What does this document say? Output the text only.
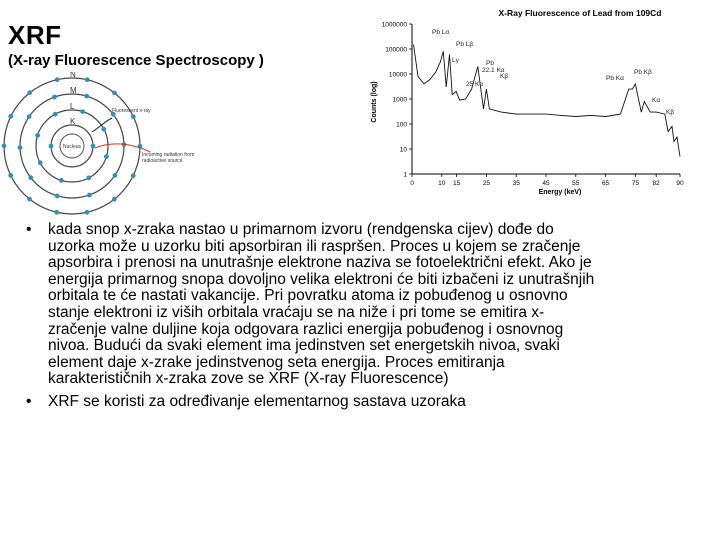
XRF
(X-ray Fluorescence Spectroscopy )
N
M
L
K
Nucleus
Fluorescent x-ray
Incoming radiation from radioactive source
X-Ray Fluorescence of Lead from 109Cd
Counts (log)
Energy (keV)
1000000
100000
10000
1000
100
10
1
0	10 15	25	35	45	55	65	75 82	90
Pb Lα
Pb Lβ
Lγ	Pb
22.1 Kα
Kβ
25 Kα
Pb Kα
Pb Kβ
Kα
Kβ
• kada snop x-zraka nastao u primarnom izvoru (rendgenska cijev) dođe do
uzorka može u uzorku biti apsorbiran ili raspršen. Proces u kojem se zračenje
apsorbira i prenosi na unutrašnje elektrone naziva se fotoelektrični efekt. Ako je
energija primarnog snopa dovoljno velika elektroni će biti izbačeni iz unutrašnjih
orbitala te će nastati vakancije. Pri povratku atoma iz pobuđenog u osnovno
stanje elektroni iz viših orbitala vraćaju se na niže i pri tome se emitira x-
zračenje valne duljine koja odgovara razlici energija pobuđenog i osnovnog
nivoa. Budući da svaki element ima jedinstven set energetskih nivoa, svaki
element daje x-zrake jedinstvenog seta energija. Proces emitiranja
karakterističnih x-zraka zove se XRF (X-ray Fluorescence)
• XRF se koristi za određivanje elementarnog sastava uzoraka
